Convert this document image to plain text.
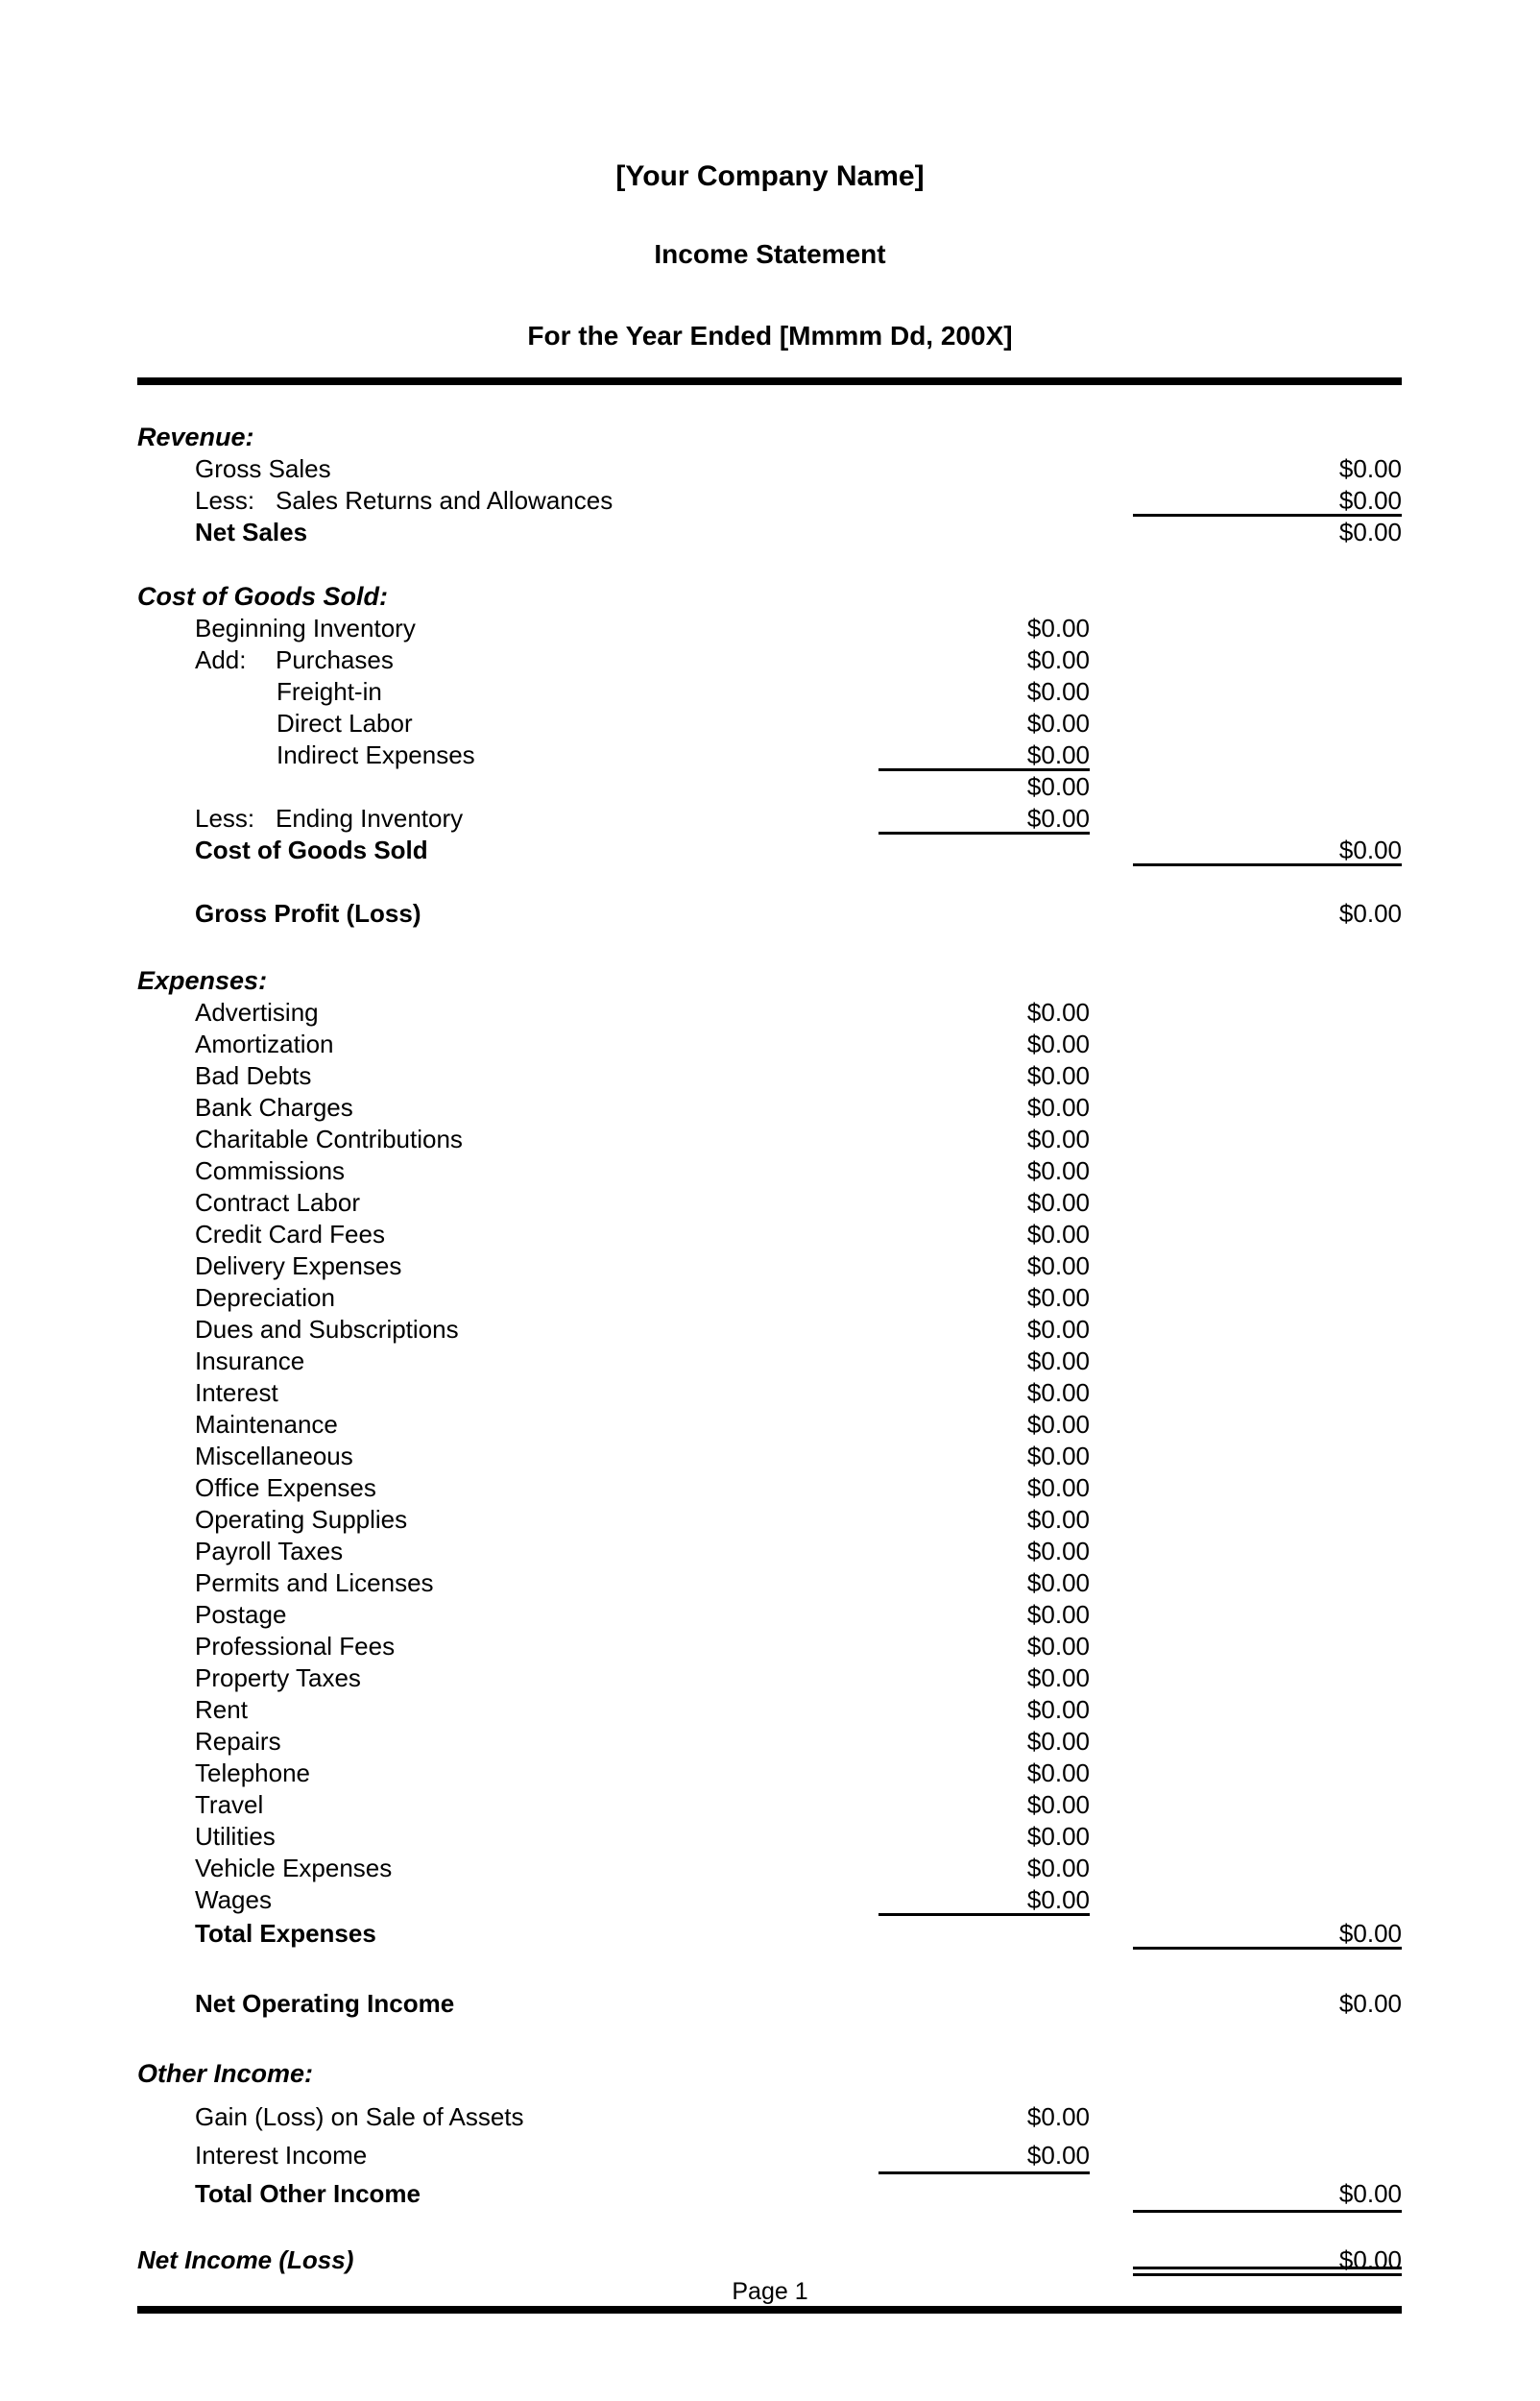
[Your Company Name]
Income Statement
For the Year Ended [Mmmm Dd, 200X]
Revenue:
Gross Sales	$0.00
Less: Sales Returns and Allowances	$0.00
Net Sales	$0.00
Cost of Goods Sold:
Beginning Inventory	$0.00
Add: Purchases	$0.00
Freight-in	$0.00
Direct Labor	$0.00
Indirect Expenses	$0.00
$0.00
Less: Ending Inventory	$0.00
Cost of Goods Sold	$0.00
Gross Profit (Loss)	$0.00
Expenses:
Advertising	$0.00
Amortization	$0.00
Bad Debts	$0.00
Bank Charges	$0.00
Charitable Contributions	$0.00
Commissions	$0.00
Contract Labor	$0.00
Credit Card Fees	$0.00
Delivery Expenses	$0.00
Depreciation	$0.00
Dues and Subscriptions	$0.00
Insurance	$0.00
Interest	$0.00
Maintenance	$0.00
Miscellaneous	$0.00
Office Expenses	$0.00
Operating Supplies	$0.00
Payroll Taxes	$0.00
Permits and Licenses	$0.00
Postage	$0.00
Professional Fees	$0.00
Property Taxes	$0.00
Rent	$0.00
Repairs	$0.00
Telephone	$0.00
Travel	$0.00
Utilities	$0.00
Vehicle Expenses	$0.00
Wages	$0.00
Total Expenses	$0.00
Net Operating Income	$0.00
Other Income:
Gain (Loss) on Sale of Assets	$0.00
Interest Income	$0.00
Total Other Income	$0.00
Net Income (Loss)	$0.00
Page 1
